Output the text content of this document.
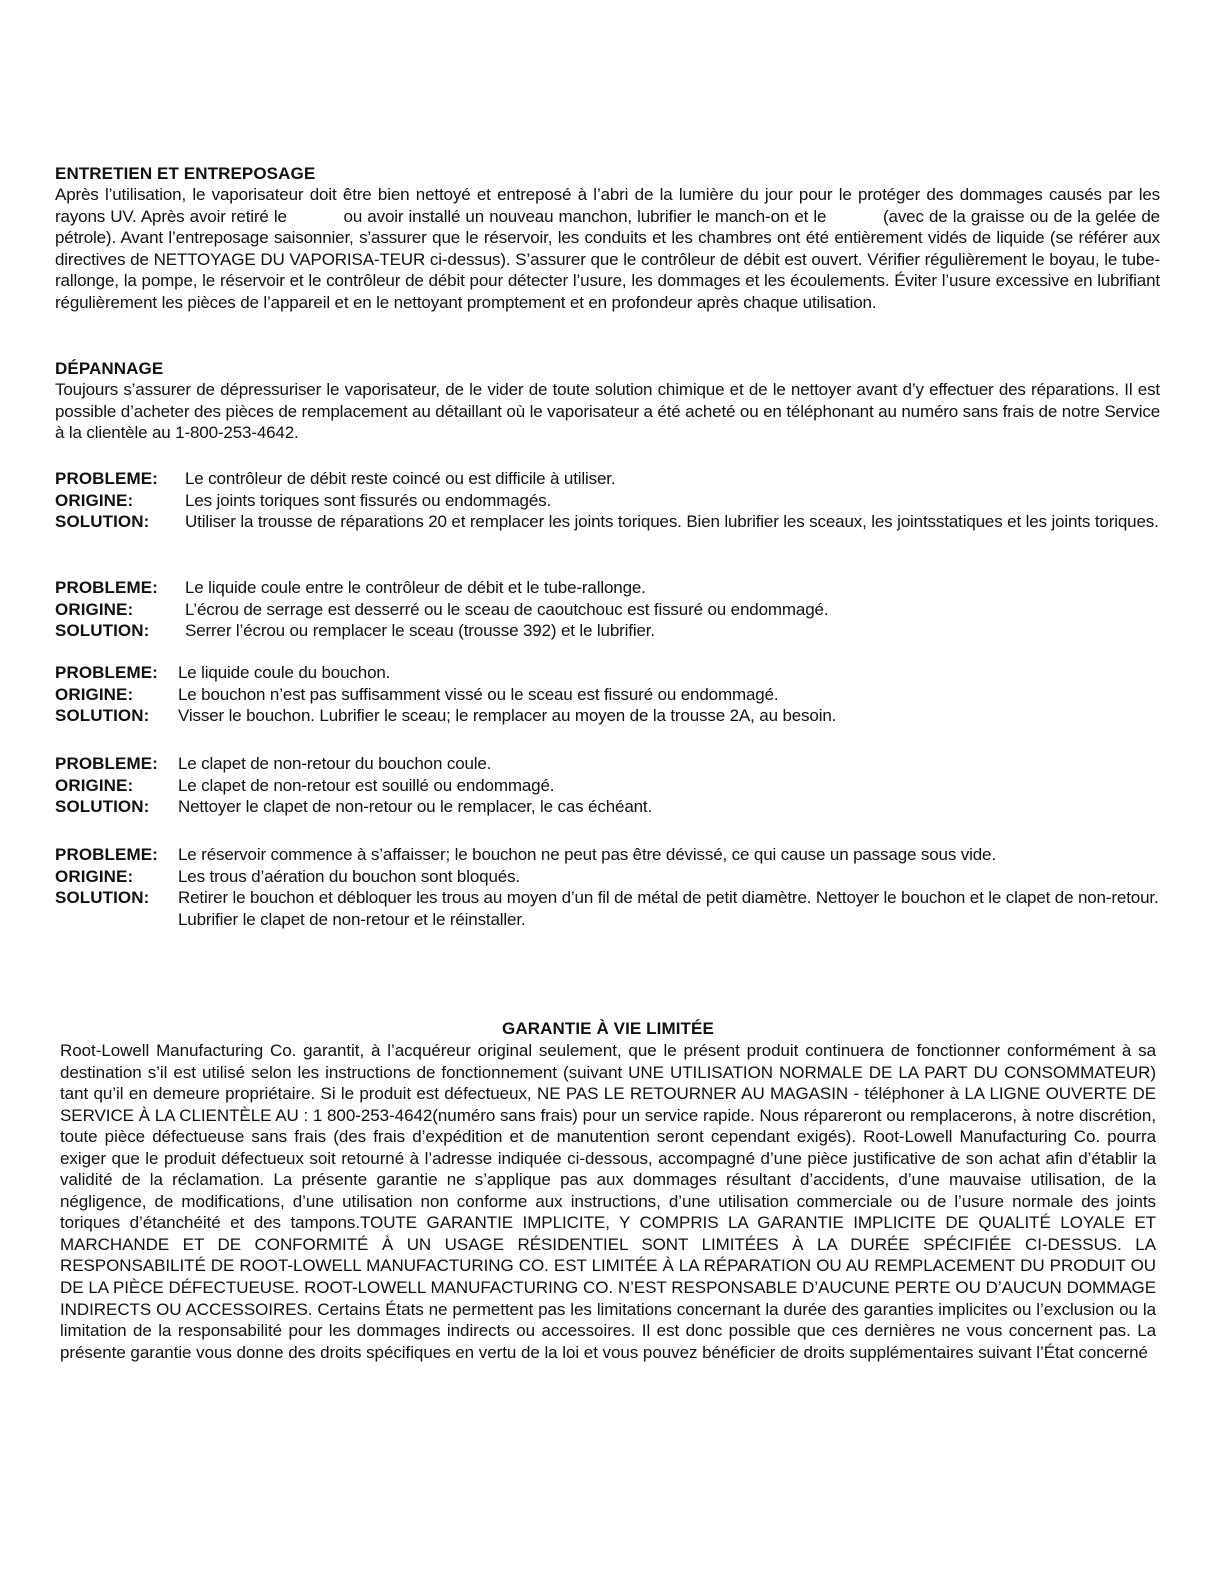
ENTRETIEN ET ENTREPOSAGE

Après l’utilisation, le vaporisateur doit être bien nettoyé et entreposé à l’abri de la lumière du jour pour le protéger des dommages causés par les rayons UV. Après avoir retiré le           ou avoir installé un nouveau manchon, lubrifier le manch-on et le           (avec de la graisse ou de la gelée de pétrole). Avant l’entreposage saisonnier, s’assurer que le réservoir, les conduits et les chambres ont été entièrement vidés de liquide (se référer aux directives de NETTOYAGE DU VAPORISA-TEUR ci-dessus). S’assurer que le contrôleur de débit est ouvert. Vérifier régulièrement le boyau, le tube-rallonge, la pompe, le réservoir et le contrôleur de débit pour détecter l’usure, les dommages et les écoulements. Éviter l’usure excessive en lubrifiant régulièrement les pièces de l’appareil et en le nettoyant promptement et en profondeur après chaque utilisation.

DÉPANNAGE

Toujours s’assurer de dépressuriser le vaporisateur, de le vider de toute solution chimique et de le nettoyer avant d’y effectuer des réparations. Il est possible d’acheter des pièces de remplacement au détaillant où le vaporisateur a été acheté ou en téléphonant au numéro sans frais de notre Service à la clientèle au 1-800-253-4642.

PROBLEME:	Le contrôleur de débit reste coincé ou est difficile à utiliser.
ORIGINE:	Les joints toriques sont fissurés ou endommagés.
SOLUTION:	Utiliser la trousse de réparations 20 et remplacer les joints toriques. Bien lubrifier les sceaux, les jointsstatiques et les joints toriques.
PROBLEME:	Le liquide coule entre le contrôleur de débit et le tube-rallonge.
ORIGINE:	L’écrou de serrage est desserré ou le sceau de caoutchouc est fissuré ou endommagé.
SOLUTION:	Serrer l’écrou ou remplacer le sceau (trousse 392) et le lubrifier.
PROBLEME:	Le liquide coule du bouchon.
ORIGINE:	Le bouchon n’est pas suffisamment vissé ou le sceau est fissuré ou endommagé.
SOLUTION:	Visser le bouchon. Lubrifier le sceau; le remplacer au moyen de la trousse 2A, au besoin.
PROBLEME:	Le clapet de non-retour du bouchon coule.
ORIGINE:	Le clapet de non-retour est souillé ou endommagé.
SOLUTION:	Nettoyer le clapet de non-retour ou le remplacer, le cas échéant.
PROBLEME:	Le réservoir commence à s’affaisser; le bouchon ne peut pas être dévissé, ce qui cause un passage sous vide.
ORIGINE:	Les trous d’aération du bouchon sont bloqués.
SOLUTION:	Retirer le bouchon et débloquer les trous au moyen d’un fil de métal de petit diamètre. Nettoyer le bouchon et le clapet de non-retour. Lubrifier le clapet de non-retour et le réinstaller.
GARANTIE À VIE LIMITÉE

Root-Lowell Manufacturing Co. garantit, à l’acquéreur original seulement, que le présent produit continuera de fonctionner conformément à sa destination s’il est utilisé selon les instructions de fonctionnement (suivant UNE UTILISATION NORMALE DE LA PART DU CONSOMMATEUR) tant qu’il en demeure propriétaire. Si le produit est défectueux, NE PAS LE RETOURNER AU MAGASIN - téléphoner à LA LIGNE OUVERTE DE SERVICE À LA CLIENTÈLE AU : 1 800-253-4642(numéro sans frais) pour un service rapide. Nous répareront ou remplacerons, à notre discrétion, toute pièce défectueuse sans frais (des frais d’expédition et de manutention seront cependant exigés). Root-Lowell Manufacturing Co. pourra exiger que le produit défectueux soit retourné à l’adresse indiquée ci-dessous, accompagné d’une pièce justificative de son achat afin d’établir la validité de la réclamation. La présente garantie ne s’applique pas aux dommages résultant d’accidents, d’une mauvaise utilisation, de la négligence, de modifications, d’une utilisation non conforme aux instructions, d’une utilisation commerciale ou de l’usure normale des joints toriques d’étanchéité et des tampons.TOUTE GARANTIE IMPLICITE, Y COMPRIS LA GARANTIE IMPLICITE DE QUALITÉ LOYALE ET MARCHANDE ET DE CONFORMITÉ À UN USAGE RÉSIDENTIEL SONT LIMITÉES À LA DURÉE SPÉCIFIÉE CI-DESSUS. LA RESPONSABILITÉ DE ROOT-LOWELL MANUFACTURING CO. EST LIMITÉE À LA RÉPARATION OU AU REMPLACEMENT DU PRODUIT OU DE LA PIÈCE DÉFECTUEUSE. ROOT-LOWELL MANUFACTURING CO. N’EST RESPONSABLE D’AUCUNE PERTE OU D’AUCUN DOMMAGE INDIRECTS OU ACCESSOIRES. Certains États ne permettent pas les limitations concernant la durée des garanties implicites ou l’exclusion ou la limitation de la responsabilité pour les dommages indirects ou accessoires. Il est donc possible que ces dernières ne vous concernent pas. La présente garantie vous donne des droits spécifiques en vertu de la loi et vous pouvez bénéficier de droits supplémentaires suivant l’État concerné
